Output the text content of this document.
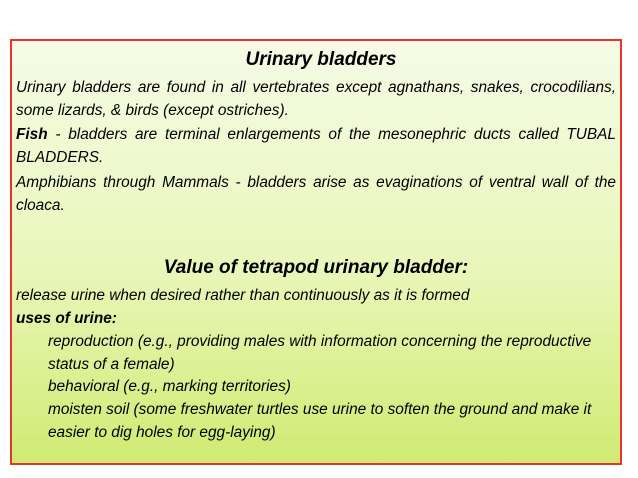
Urinary bladders

Urinary bladders are found in all vertebrates except agnathans, snakes, crocodilians, some lizards, & birds (except ostriches).

Fish - bladders are terminal enlargements of the mesonephric ducts called TUBAL BLADDERS.

Amphibians through Mammals - bladders arise as evaginations of ventral wall of the cloaca.

Value of tetrapod urinary bladder:

release urine when desired rather than continuously as it is formed

uses of urine:

reproduction (e.g., providing males with information concerning the reproductive status of a female)

behavioral (e.g., marking territories)

moisten soil (some freshwater turtles use urine to soften the ground and make it easier to dig holes for egg-laying)
